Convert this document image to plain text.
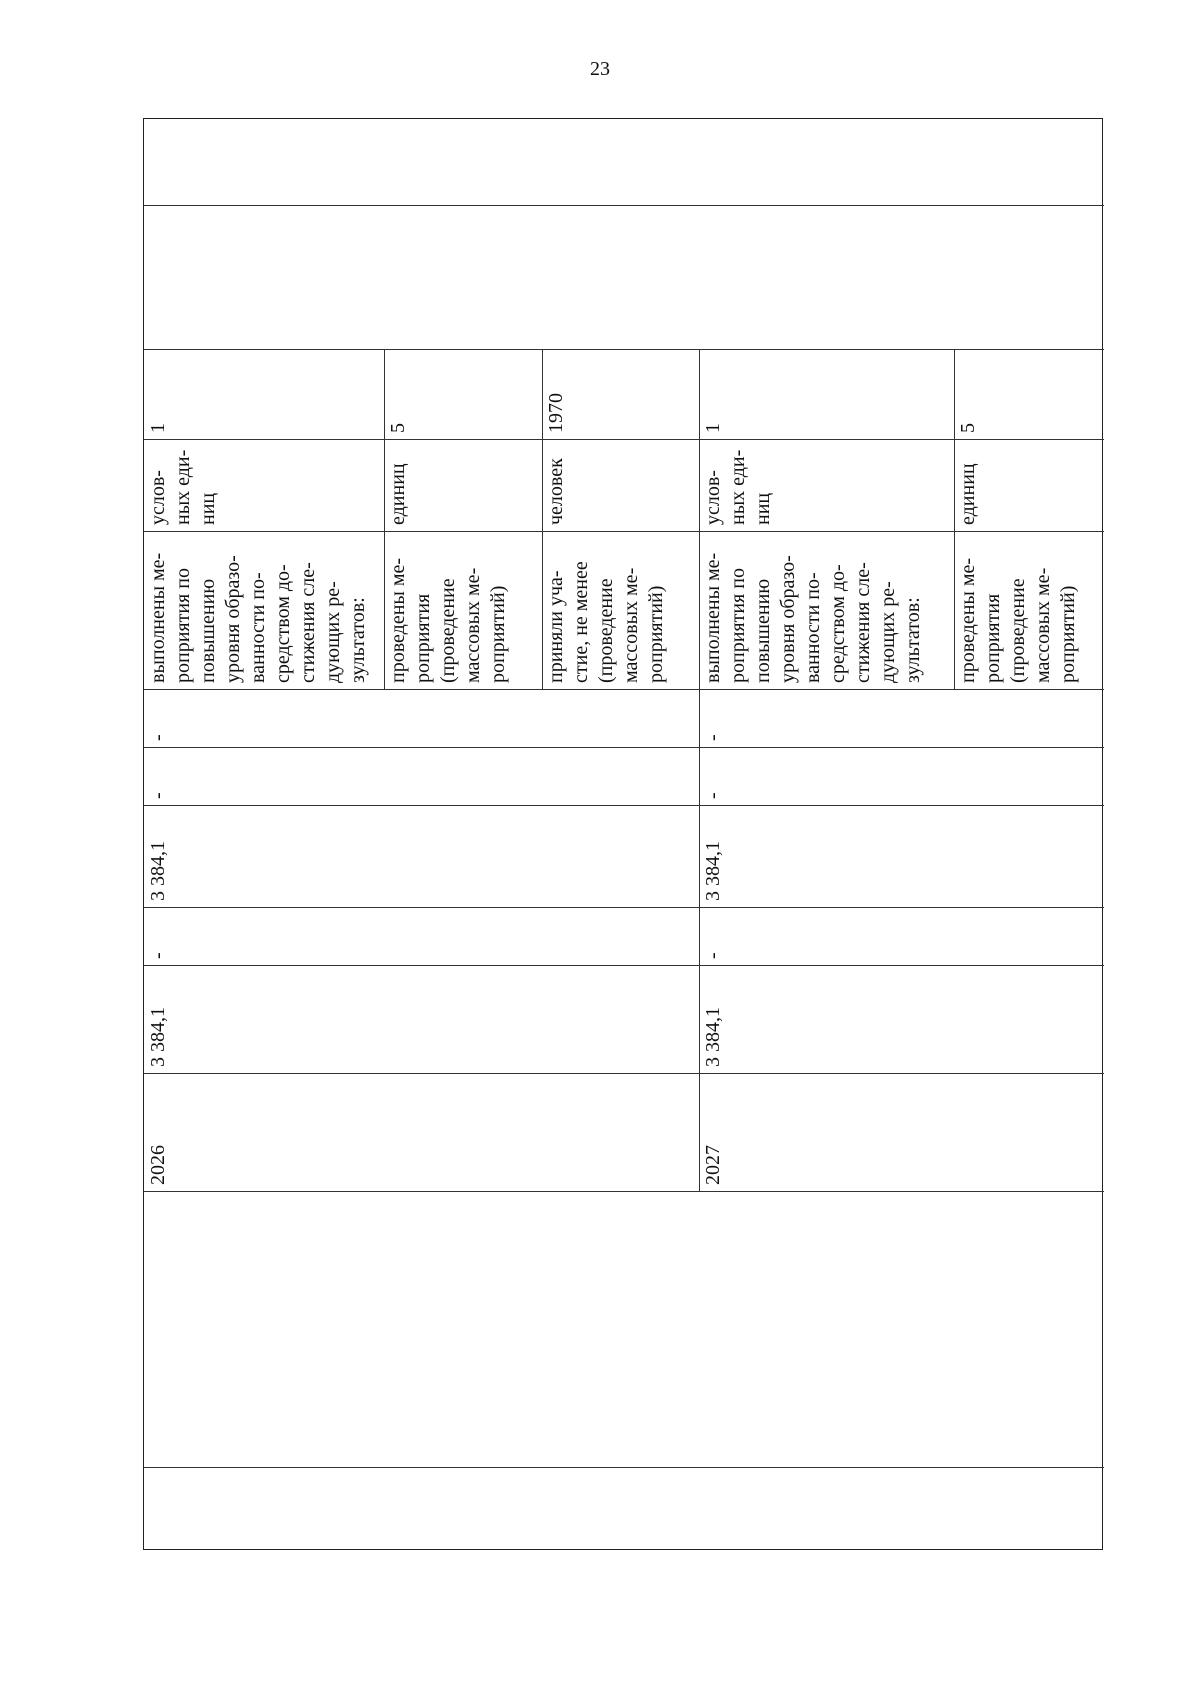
23
1
услов-
ных еди-
ниц
выполнены ме-
роприятия по
повышению
уровня образо-
ванности по-
средством до-
стижения сле-
дующих ре-
зультатов:
5
единиц
проведены ме-
роприятия
(проведение
массовых ме-
роприятий)
1970
человек
приняли уча-
стие, не менее
(проведение
массовых ме-
роприятий)
-
-
3 384,1
-
3 384,1
2026
1
услов-
ных еди-
ниц
выполнены ме-
роприятия по
повышению
уровня образо-
ванности по-
средством до-
стижения сле-
дующих ре-
зультатов:
5
единиц
проведены ме-
роприятия
(проведение
массовых ме-
роприятий)
-
-
3 384,1
-
3 384,1
2027
